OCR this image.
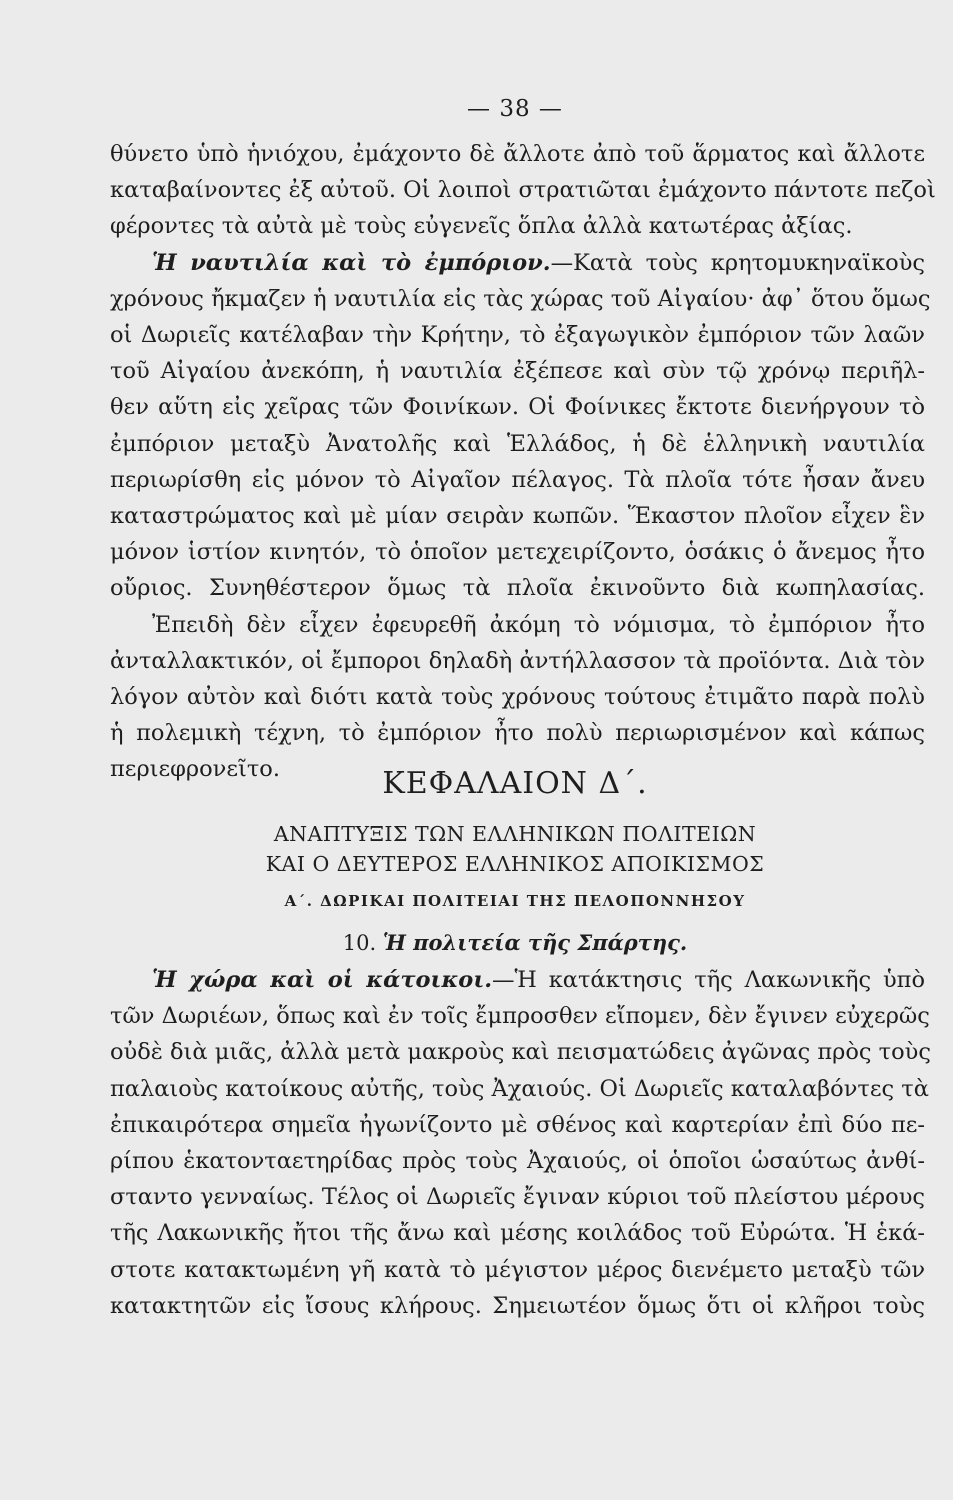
— 38 —
θύνετο ὑπὸ ἡνιόχου, ἐμάχοντο δὲ ἄλλοτε ἀπὸ τοῦ ἅρματος καὶ ἄλλοτε
καταβαίνοντες ἐξ αὐτοῦ. Οἱ λοιποὶ στρατιῶται ἐμάχοντο πάντοτε πεζοὶ
φέροντες τὰ αὐτὰ μὲ τοὺς εὐγενεῖς ὅπλα ἀλλὰ κατωτέρας ἀξίας.
Ἡ ναυτιλία καὶ τὸ ἐμπόριον.—Κατὰ τοὺς κρητομυκηναϊκοὺς
χρόνους ἤκμαζεν ἡ ναυτιλία εἰς τὰς χώρας τοῦ Αἰγαίου· ἀφ᾽ ὅτου ὅμως
οἱ Δωριεῖς κατέλαβαν τὴν Κρήτην, τὸ ἐξαγωγικὸν ἐμπόριον τῶν λαῶν
τοῦ Αἰγαίου ἀνεκόπη, ἡ ναυτιλία ἐξέπεσε καὶ σὺν τῷ χρόνῳ περιῆλ-
θεν αὕτη εἰς χεῖρας τῶν Φοινίκων. Οἱ Φοίνικες ἔκτοτε διενήργουν τὸ
ἐμπόριον μεταξὺ Ἀνατολῆς καὶ Ἑλλάδος, ἡ δὲ ἑλληνικὴ ναυτιλία
περιωρίσθη εἰς μόνον τὸ Αἰγαῖον πέλαγος. Τὰ πλοῖα τότε ἦσαν ἄνευ
καταστρώματος καὶ μὲ μίαν σειρὰν κωπῶν. Ἕκαστον πλοῖον εἶχεν ἓν
μόνον ἱστίον κινητόν, τὸ ὁποῖον μετεχειρίζοντο, ὁσάκις ὁ ἄνεμος ἦτο
οὔριος. Συνηθέστερον ὅμως τὰ πλοῖα ἐκινοῦντο διὰ κωπηλασίας.
Ἐπειδὴ δὲν εἶχεν ἐφευρεθῆ ἀκόμη τὸ νόμισμα, τὸ ἐμπόριον ἦτο
ἀνταλλακτικόν, οἱ ἔμποροι δηλαδὴ ἀντήλλασσον τὰ προϊόντα. Διὰ τὸν
λόγον αὐτὸν καὶ διότι κατὰ τοὺς χρόνους τούτους ἐτιμᾶτο παρὰ πολὺ
ἡ πολεμικὴ τέχνη, τὸ ἐμπόριον ἦτο πολὺ περιωρισμένον καὶ κάπως
περιεφρονεῖτο.	ΚΕΦΑΛΑΙΟΝ Δ΄.
ΑΝΑΠΤΥΞΙΣ ΤΩΝ ΕΛΛΗΝΙΚΩΝ ΠΟΛΙΤΕΙΩΝ
ΚΑΙ Ο ΔΕΥΤΕΡΟΣ ΕΛΛΗΝΙΚΟΣ ΑΠΟΙΚΙΣΜΟΣ
Α΄. ΔΩΡΙΚΑΙ ΠΟΛΙΤΕΙΑΙ ΤΗΣ ΠΕΛΟΠΟΝΝΗΣΟΥ
10. Ἡ πολιτεία τῆς Σπάρτης.
Ἡ χώρα καὶ οἱ κάτοικοι.—Ἡ κατάκτησις τῆς Λακωνικῆς ὑπὸ
τῶν Δωριέων, ὅπως καὶ ἐν τοῖς ἔμπροσθεν εἴπομεν, δὲν ἔγινεν εὐχερῶς
οὐδὲ διὰ μιᾶς, ἀλλὰ μετὰ μακροὺς καὶ πεισματώδεις ἀγῶνας πρὸς τοὺς
παλαιοὺς κατοίκους αὐτῆς, τοὺς Ἀχαιούς. Οἱ Δωριεῖς καταλαβόντες τὰ
ἐπικαιρότερα σημεῖα ἠγωνίζοντο μὲ σθένος καὶ καρτερίαν ἐπὶ δύο πε-
ρίπου ἑκατονταετηρίδας πρὸς τοὺς Ἀχαιούς, οἱ ὁποῖοι ὡσαύτως ἀνθί-
σταντο γενναίως. Τέλος οἱ Δωριεῖς ἔγιναν κύριοι τοῦ πλείστου μέρους
τῆς Λακωνικῆς ἤτοι τῆς ἄνω καὶ μέσης κοιλάδος τοῦ Εὐρώτα. Ἡ ἑκά-
στοτε κατακτωμένη γῆ κατὰ τὸ μέγιστον μέρος διενέμετο μεταξὺ τῶν
κατακτητῶν εἰς ἴσους κλήρους. Σημειωτέον ὅμως ὅτι οἱ κλῆροι τοὺς
